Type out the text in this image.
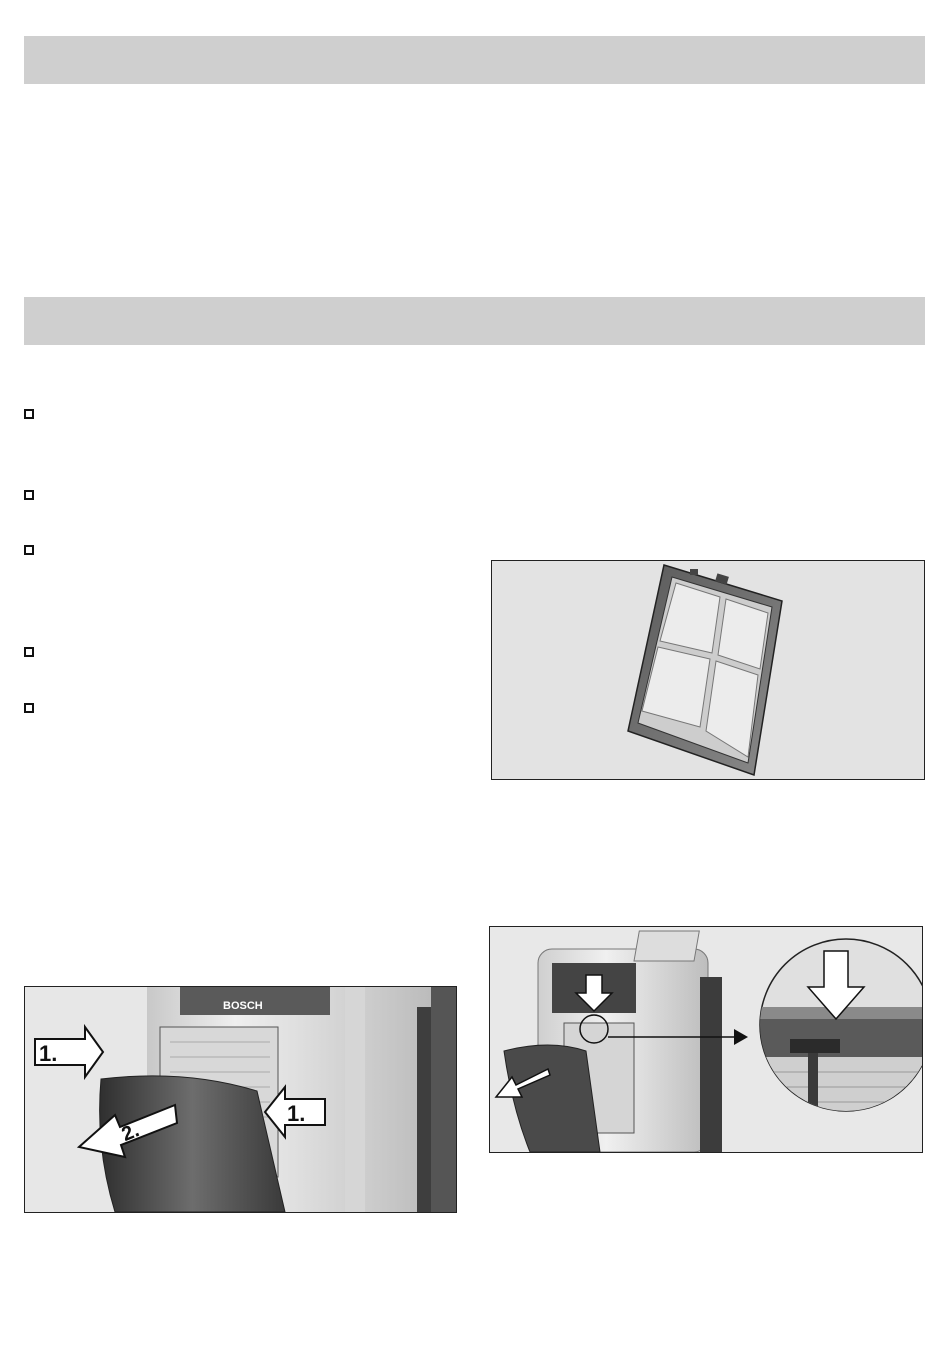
BOSCH
1.
1.
2.
